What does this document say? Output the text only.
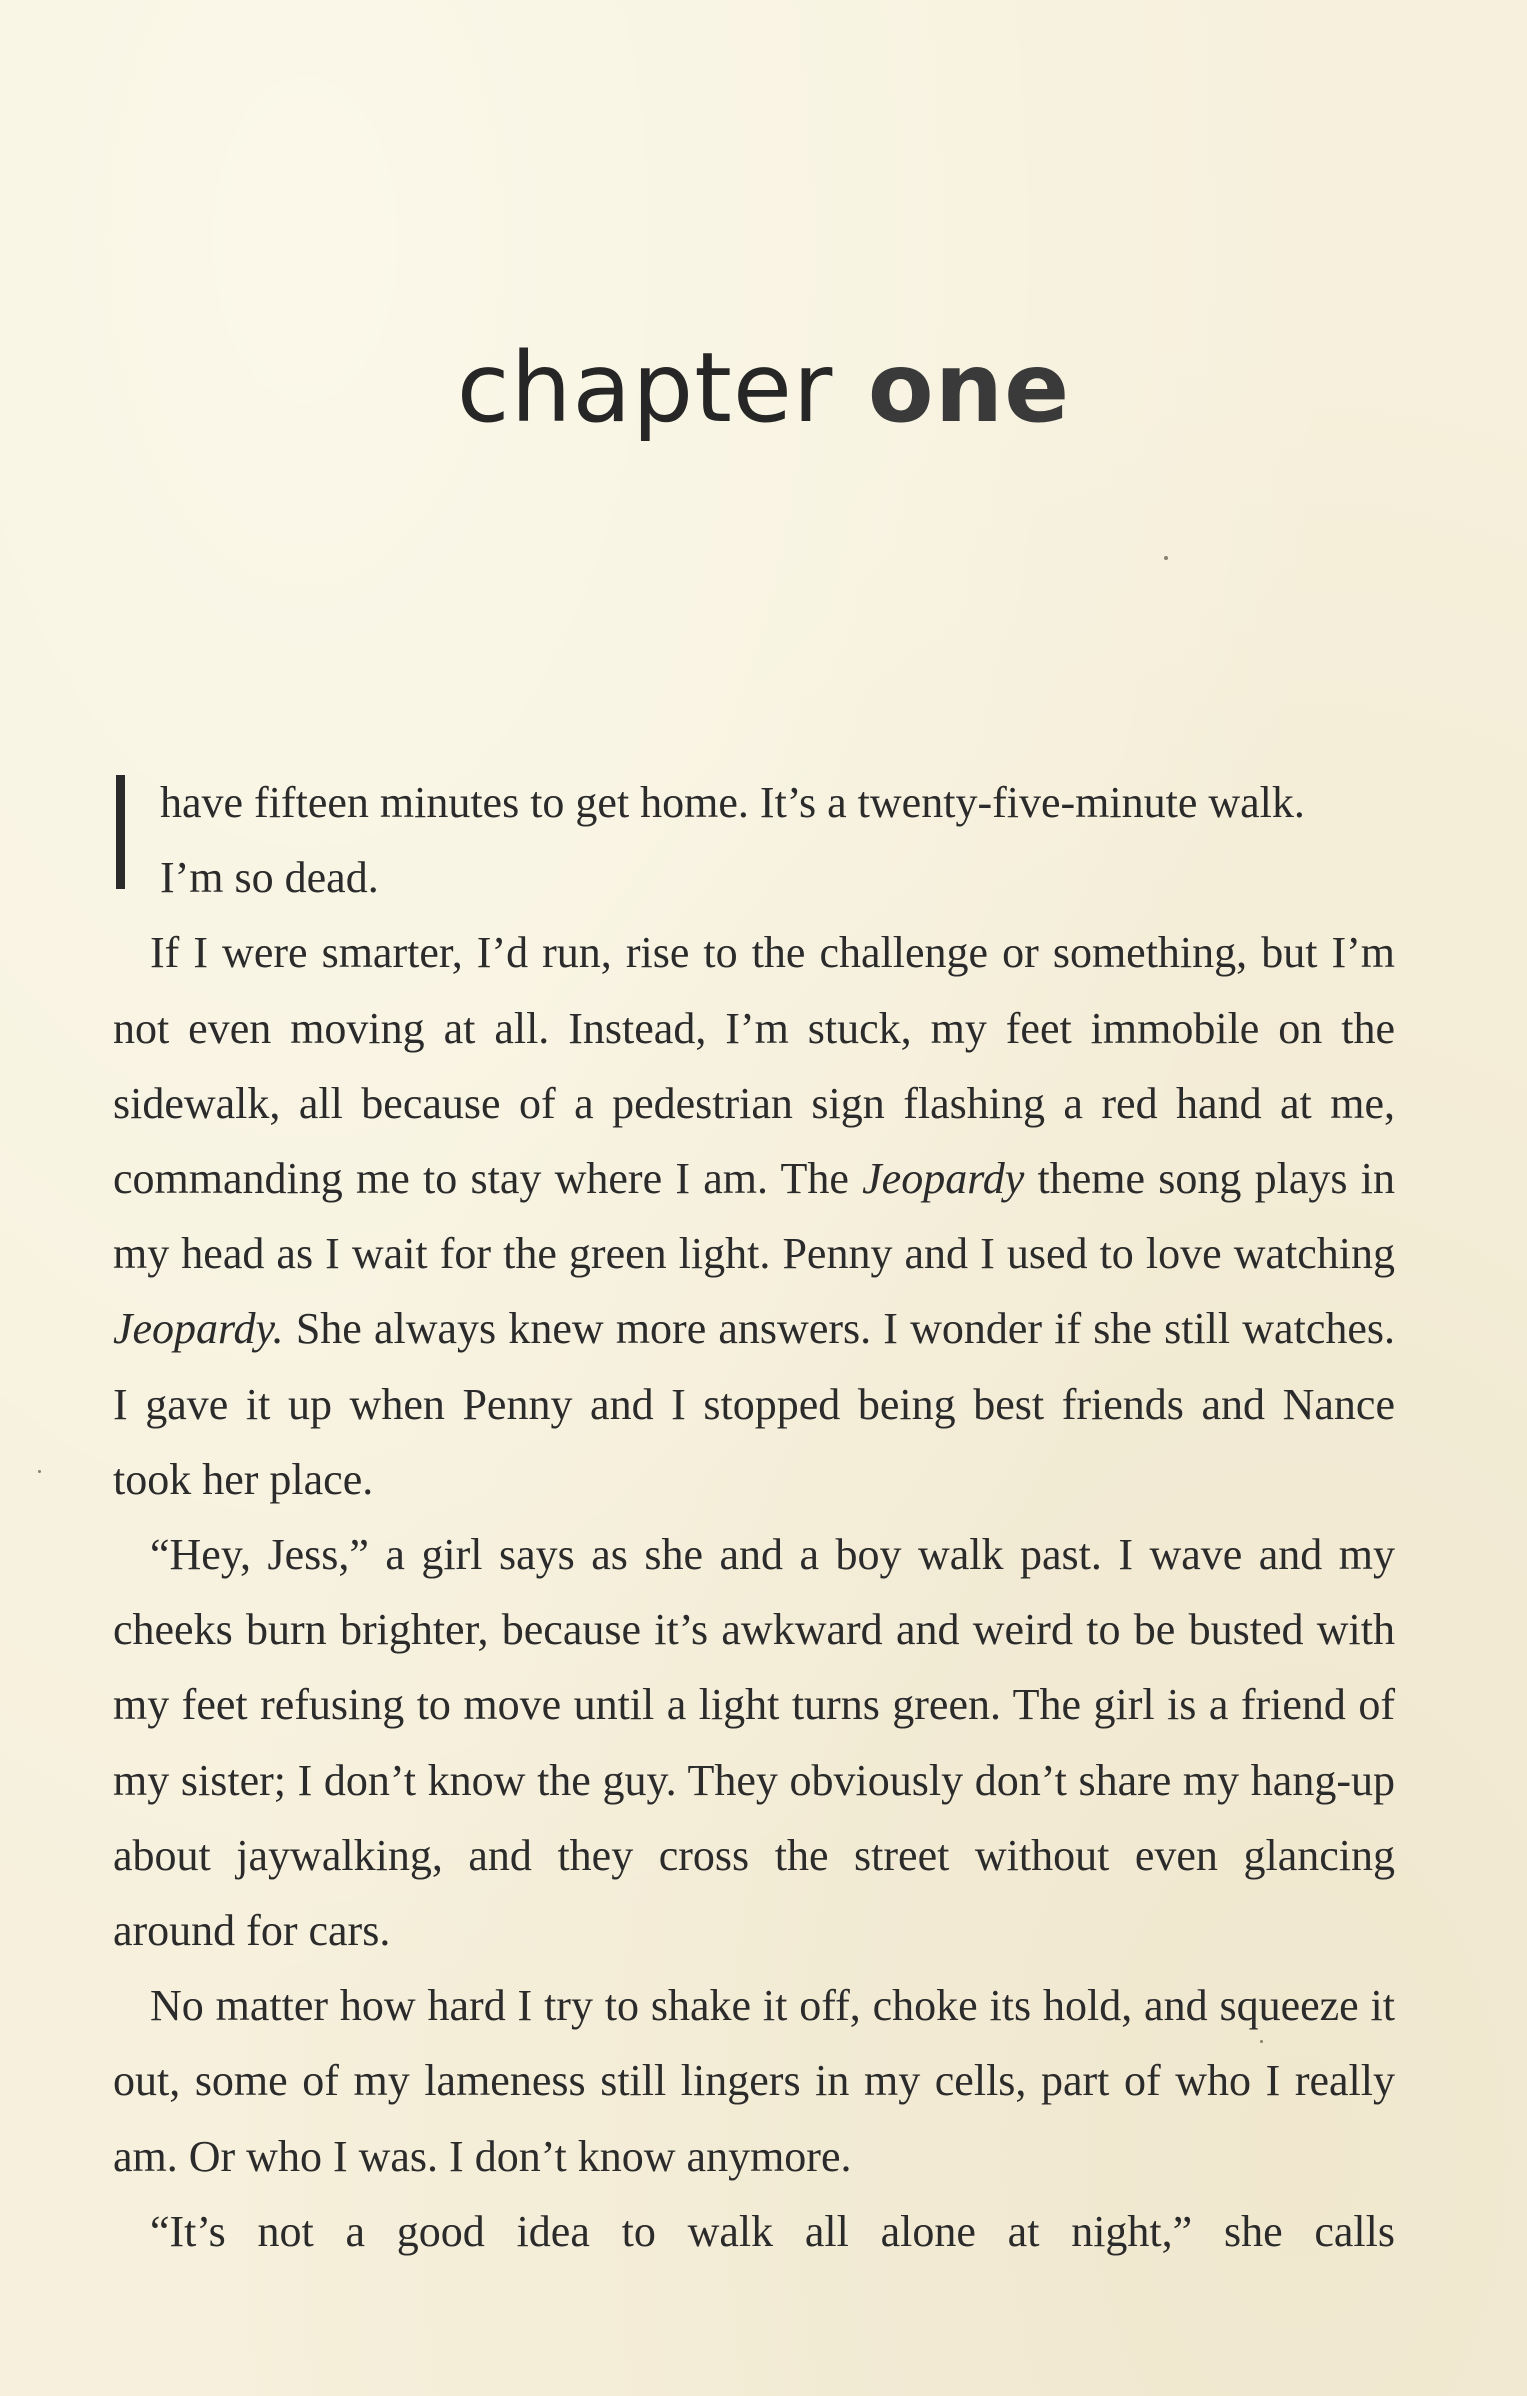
chapter one

have fifteen minutes to get home. It’s a twenty-five-minute walk.
I’m so dead.

If I were smarter, I’d run, rise to the challenge or something, but I’m not even moving at all. Instead, I’m stuck, my feet immobile on the sidewalk, all because of a pedestrian sign flashing a red hand at me, commanding me to stay where I am. The Jeopardy theme song plays in my head as I wait for the green light. Penny and I used to love watching Jeopardy. She always knew more answers. I wonder if she still watches. I gave it up when Penny and I stopped being best friends and Nance took her place.

“Hey, Jess,” a girl says as she and a boy walk past. I wave and my cheeks burn brighter, because it’s awkward and weird to be busted with my feet refusing to move until a light turns green. The girl is a friend of my sister; I don’t know the guy. They obviously don’t share my hang-up about jaywalking, and they cross the street without even glancing around for cars.

No matter how hard I try to shake it off, choke its hold, and squeeze it out, some of my lameness still lingers in my cells, part of who I really am. Or who I was. I don’t know anymore.

“It’s not a good idea to walk all alone at night,” she calls
